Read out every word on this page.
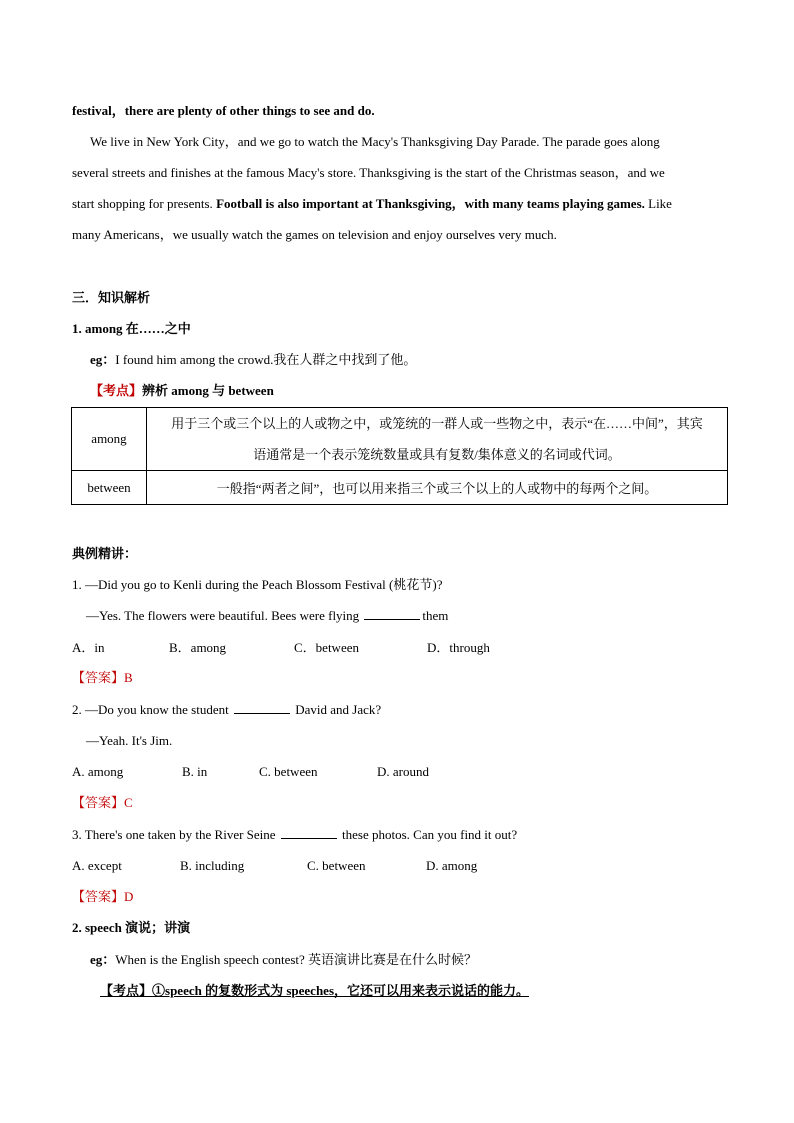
festival，there are plenty of other things to see and do.
We live in New York City，and we go to watch the Macy's Thanksgiving Day Parade. The parade goes along
several streets and finishes at the famous Macy's store. Thanksgiving is the start of the Christmas season，and we
start shopping for presents. Football is also important at Thanksgiving，with many teams playing games. Like
many Americans，we usually watch the games on television and enjoy ourselves very much.
三．知识解析
1. among 在……之中
eg：I found him among the crowd.我在人群之中找到了他。
【考点】辨析 among 与 between
among	用于三个或三个以上的人或物之中，或笼统的一群人或一些物之中，表示“在……中间”，其宾
语通常是一个表示笼统数量或具有复数/集体意义的名词或代词。

between	一般指“两者之间”，也可以用来指三个或三个以上的人或物中的每两个之间。
典例精讲：
1. —Did you go to Kenli during the Peach Blossom Festival (桃花节)?
—Yes. The flowers were beautiful. Bees were flying	them
A．in	B．among	C．between	D．through
【答案】B
2. —Do you know the student	David and Jack?
—Yeah. It's Jim.
A. among	B. in	C. between	D. around
【答案】C
3. There's one taken by the River Seine	these photos. Can you find it out?
A. except	B. including	C. between	D. among
【答案】D
2. speech 演说；讲演
eg：When is the English speech contest? 英语演讲比赛是在什么时候？
【考点】①speech 的复数形式为 speeches，它还可以用来表示说话的能力。
